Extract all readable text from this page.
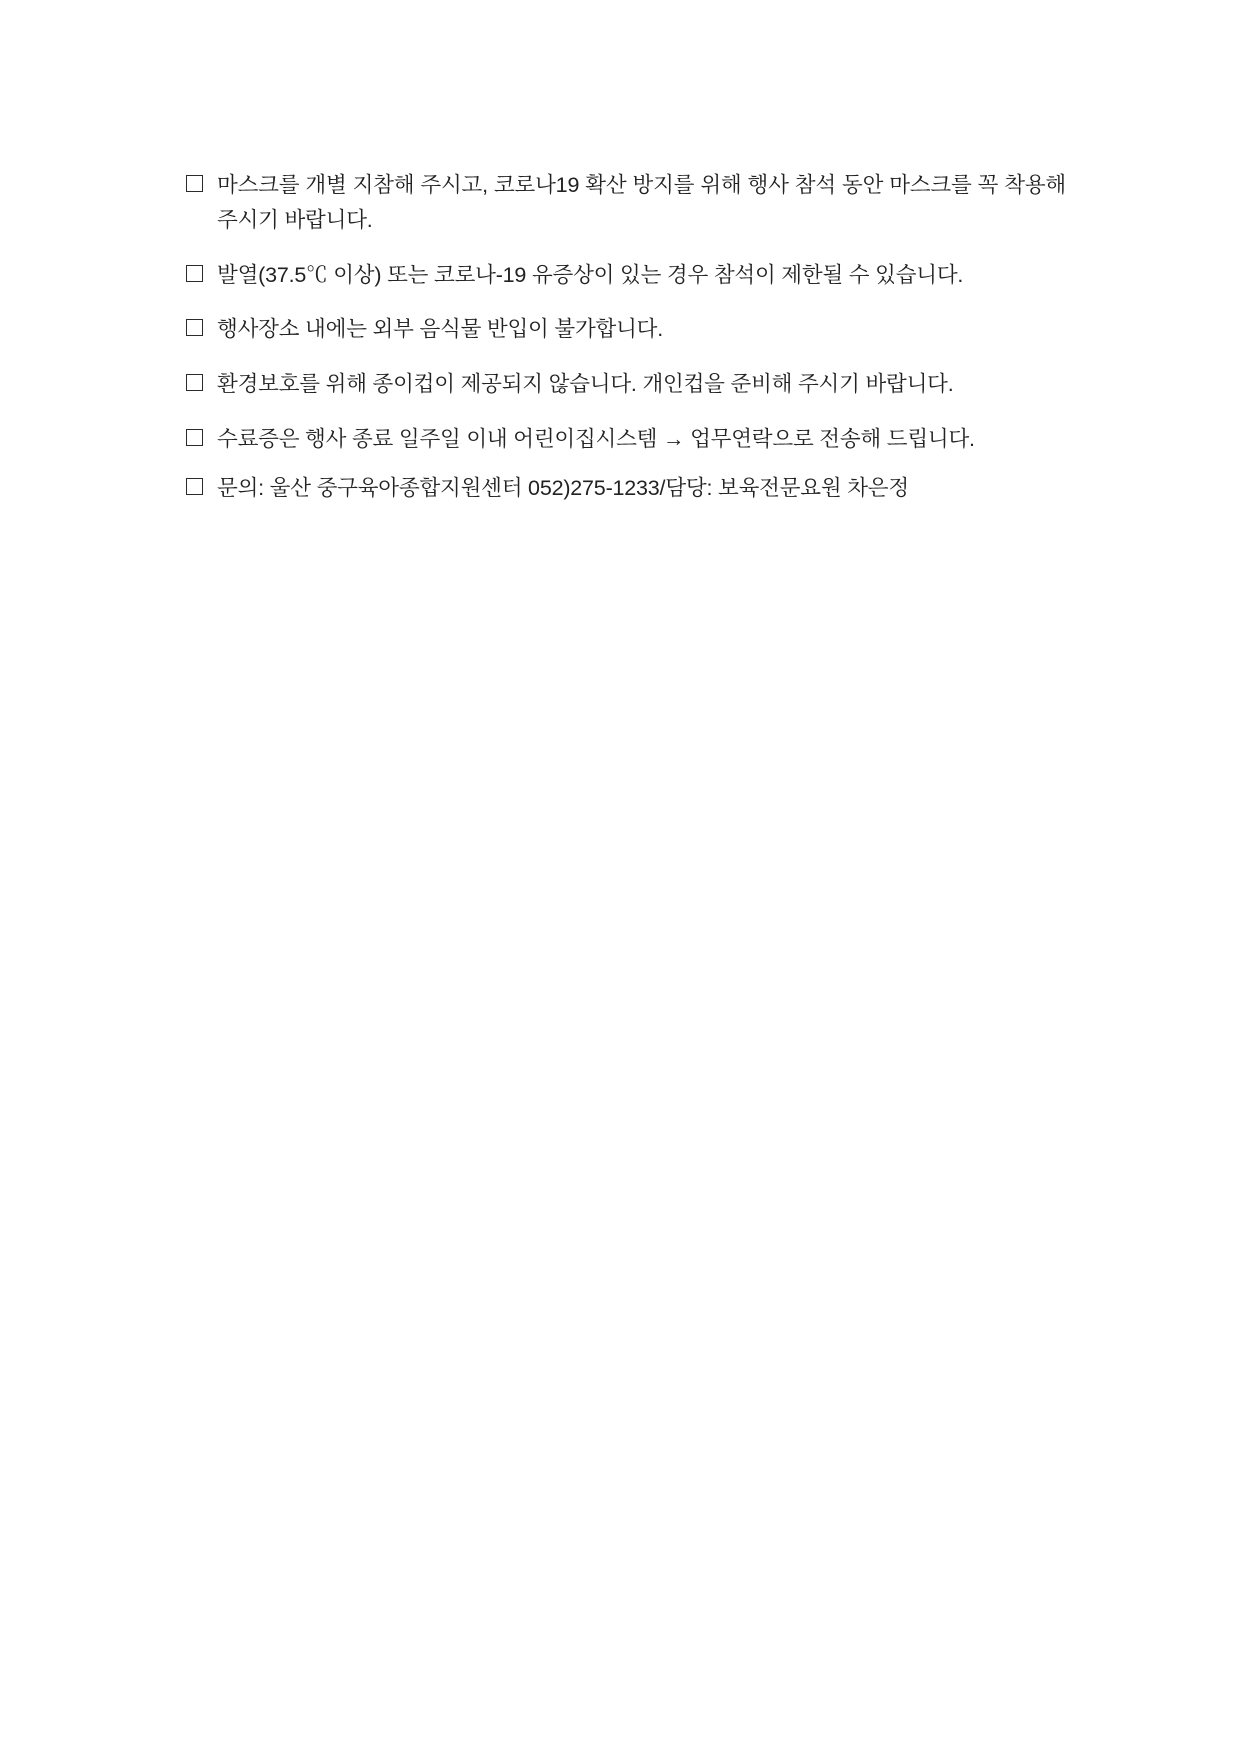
마스크를 개별 지참해 주시고, 코로나19 확산 방지를 위해 행사 참석 동안 마스크를 꼭 착용해 주시기 바랍니다.
발열(37.5℃ 이상) 또는 코로나-19 유증상이 있는 경우 참석이 제한될 수 있습니다.
행사장소 내에는 외부 음식물 반입이 불가합니다.
환경보호를 위해 종이컵이 제공되지 않습니다. 개인컵을 준비해 주시기 바랍니다.
수료증은 행사 종료 일주일 이내 어린이집시스템 → 업무연락으로 전송해 드립니다.
문의: 울산 중구육아종합지원센터 052)275-1233/담당: 보육전문요원 차은정
